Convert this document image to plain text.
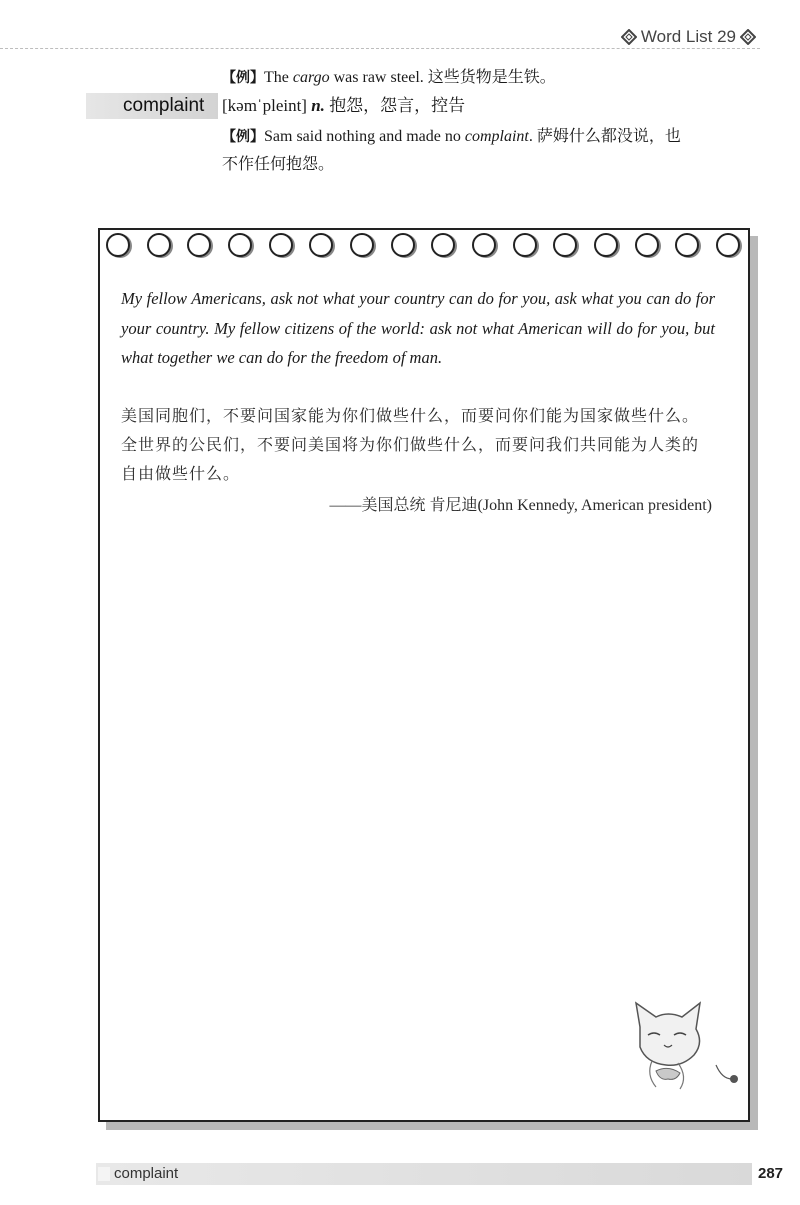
Word List 29
【例】The cargo was raw steel. 这些货物是生铁。
complaint [kəmˈpleint] n. 抱怨，怨言，控告
【例】Sam said nothing and made no complaint. 萨姆什么都没说，也
不作任何抱怨。
My fellow Americans, ask not what your country can do for you, ask what you can do for your country. My fellow citizens of the world: ask not what American will do for you, but what together we can do for the freedom of man.
美国同胞们，不要问国家能为你们做些什么，而要问你们能为国家做些什么。全世界的公民们，不要问美国将为你们做些什么，而要问我们共同能为人类的自由做些什么。
——美国总统 肯尼迪(John Kennedy, American president)
complaint	287
